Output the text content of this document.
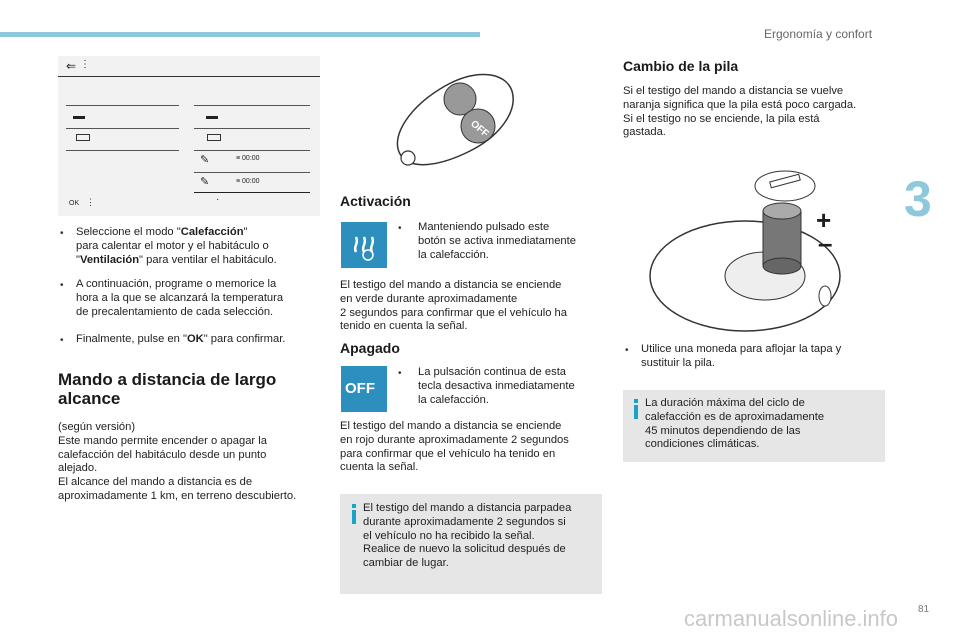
Ergonomía y confort
3
⇐ ⋮
✎	≡ 00:00
✎	≡ 00:00
OK ⋮	·
• Seleccione el modo "Calefacción"
para calentar el motor y el habitáculo o
"Ventilación" para ventilar el habitáculo.
• A continuación, programe o memorice la
hora a la que se alcanzará la temperatura
de precalentamiento de cada selección.
• Finalmente, pulse en "OK" para confirmar.
Mando a distancia de largo
alcance
(según versión)
Este mando permite encender o apagar la
calefacción del habitáculo desde un punto
alejado.
El alcance del mando a distancia es de
aproximadamente 1 km, en terreno descubierto.
OFF
Activación
• Manteniendo pulsado este
botón se activa inmediatamente
la calefacción.
El testigo del mando a distancia se enciende
en verde durante aproximadamente
2 segundos para confirmar que el vehículo ha
tenido en cuenta la señal.
Apagado
OFF
• La pulsación continua de esta
tecla desactiva inmediatamente
la calefacción.
El testigo del mando a distancia se enciende
en rojo durante aproximadamente 2 segundos
para confirmar que el vehículo ha tenido en
cuenta la señal.
El testigo del mando a distancia parpadea
durante aproximadamente 2 segundos si
el vehículo no ha recibido la señal.
Realice de nuevo la solicitud después de
cambiar de lugar.
Cambio de la pila
Si el testigo del mando a distancia se vuelve
naranja significa que la pila está poco cargada.
Si el testigo no se enciende, la pila está
gastada.
+
–
• Utilice una moneda para aflojar la tapa y
sustituir la pila.
La duración máxima del ciclo de
calefacción es de aproximadamente
45 minutos dependiendo de las
condiciones climáticas.
carmanualsonline.info 81
